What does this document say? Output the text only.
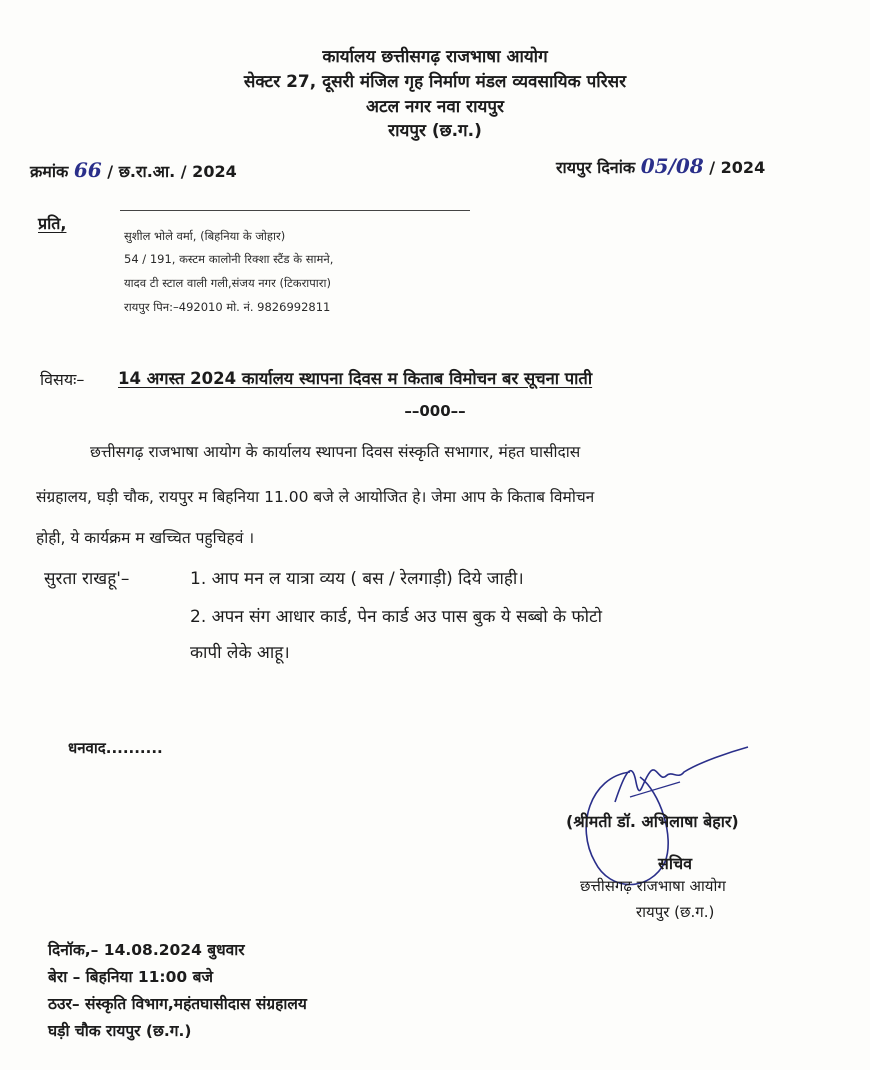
कार्यालय छत्तीसगढ़ राजभाषा आयोग
सेक्टर 27, दूसरी मंजिल गृह निर्माण मंडल व्यवसायिक परिसर
अटल नगर नवा रायपुर
रायपुर (छ.ग.)
क्रमांक 66 / छ.रा.आ. / 2024	रायपुर दिनांक 05/08 / 2024
प्रति,
सुशील भोले वर्मा, (बिहनिया के जोहार)
54 / 191, कस्टम कालोनी रिक्शा स्टैंड के सामने,
यादव टी स्टाल वाली गली,संजय नगर (टिकरापारा)
रायपुर पिन:–492010 मो. नं. 9826992811
विसयः– 14 अगस्त 2024 कार्यालय स्थापना दिवस म किताब विमोचन बर सूचना पाती
––000––
छत्तीसगढ़ राजभाषा आयोग के कार्यालय स्थापना दिवस संस्कृति सभागार, मंहत घासीदास
संग्रहालय, घड़ी चौक, रायपुर म बिहनिया 11.00 बजे ले आयोजित हे। जेमा आप के किताब विमोचन
होही, ये कार्यक्रम म खच्चित पहुचिहवं ।
सुरता राखहू'–	1. आप मन ल यात्रा व्यय ( बस / रेलगाड़ी) दिये जाही।
2. अपन संग आधार कार्ड, पेन कार्ड अउ पास बुक ये सब्बो के फोटो
कापी लेके आहू।
धनवाद..........
(श्रीमती डॉ. अभिलाषा बेहार)
सचिव
छत्तीसगढ़ राजभाषा आयोग
रायपुर (छ.ग.)
दिनॉक,– 14.08.2024 बुधवार
बेरा – बिहनिया 11:00 बजे
ठउर– संस्कृति विभाग,महंतघासीदास संग्रहालय
घड़ी चौक रायपुर (छ.ग.)
